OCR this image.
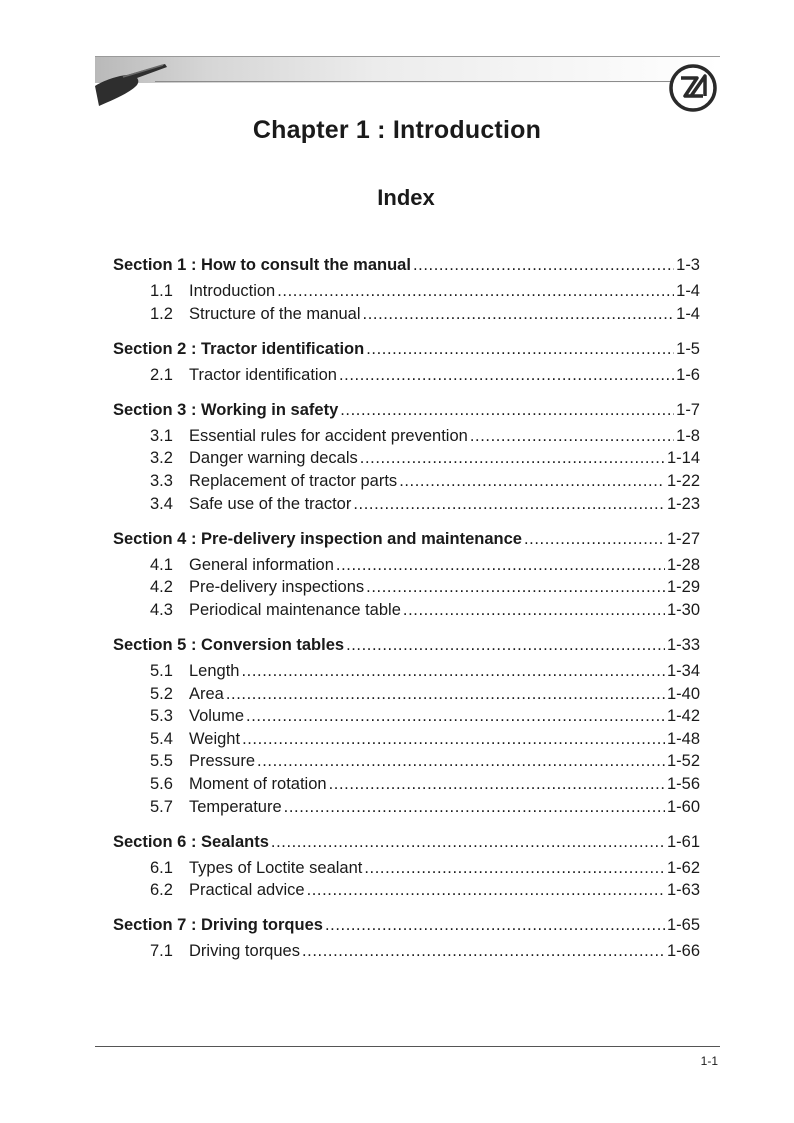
Chapter 1 : Introduction
Index
Section 1 : How to consult the manual .....	1-3
1.1 Introduction .....	1-4
1.2 Structure of the manual .....	1-4
Section 2 : Tractor identification .....	1-5
2.1 Tractor identification .....	1-6
Section 3 : Working in safety .....	1-7
3.1 Essential rules for accident prevention .....	1-8
3.2 Danger warning decals .....	1-14
3.3 Replacement of tractor parts .....	1-22
3.4 Safe use of the tractor .....	1-23
Section 4 : Pre-delivery inspection and maintenance .....	1-27
4.1 General information .....	1-28
4.2 Pre-delivery inspections .....	1-29
4.3 Periodical maintenance table .....	1-30
Section 5 : Conversion tables .....	1-33
5.1 Length .....	1-34
5.2 Area .....	1-40
5.3 Volume .....	1-42
5.4 Weight .....	1-48
5.5 Pressure .....	1-52
5.6 Moment of rotation .....	1-56
5.7 Temperature .....	1-60
Section 6 : Sealants .....	1-61
6.1 Types of Loctite sealant .....	1-62
6.2 Practical advice .....	1-63
Section 7 : Driving torques .....	1-65
7.1 Driving torques .....	1-66
1-1
